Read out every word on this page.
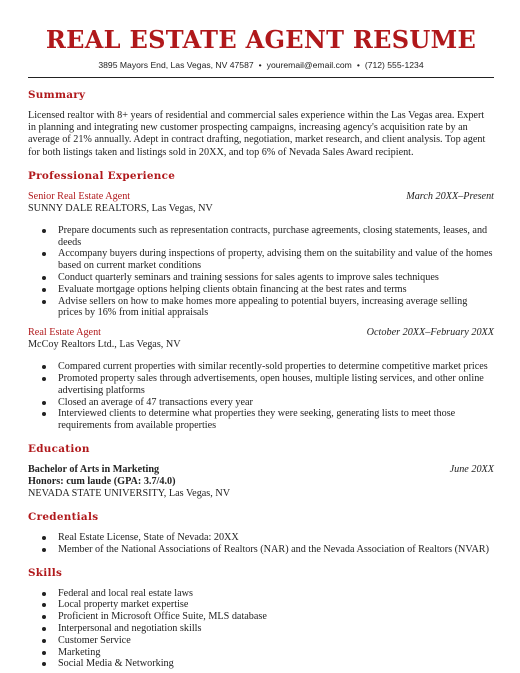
REAL ESTATE AGENT RESUME
3895 Mayors End, Las Vegas, NV 47587 • youremail@email.com • (712) 555-1234
Summary
Licensed realtor with 8+ years of residential and commercial sales experience within the Las Vegas area. Expert in planning and integrating new customer prospecting campaigns, increasing agency's acquisition rate by an average of 21% annually. Adept in contract drafting, negotiation, market research, and client analysis. Top agent for both listings taken and listings sold in 20XX, and top 6% of Nevada Sales Award recipient.
Professional Experience
Senior Real Estate Agent	March 20XX–Present
SUNNY DALE REALTORS, Las Vegas, NV
Prepare documents such as representation contracts, purchase agreements, closing statements, leases, and deeds
Accompany buyers during inspections of property, advising them on the suitability and value of the homes based on current market conditions
Conduct quarterly seminars and training sessions for sales agents to improve sales techniques
Evaluate mortgage options helping clients obtain financing at the best rates and terms
Advise sellers on how to make homes more appealing to potential buyers, increasing average selling prices by 16% from initial appraisals
Real Estate Agent	October 20XX–February 20XX
McCoy Realtors Ltd., Las Vegas, NV
Compared current properties with similar recently-sold properties to determine competitive market prices
Promoted property sales through advertisements, open houses, multiple listing services, and other online advertising platforms
Closed an average of 47 transactions every year
Interviewed clients to determine what properties they were seeking, generating lists to meet those requirements from available properties
Education
Bachelor of Arts in Marketing	June 20XX
Honors: cum laude (GPA: 3.7/4.0)
NEVADA STATE UNIVERSITY, Las Vegas, NV
Credentials
Real Estate License, State of Nevada: 20XX
Member of the National Associations of Realtors (NAR) and the Nevada Association of Realtors (NVAR)
Skills
Federal and local real estate laws
Local property market expertise
Proficient in Microsoft Office Suite, MLS database
Interpersonal and negotiation skills
Customer Service
Marketing
Social Media & Networking
